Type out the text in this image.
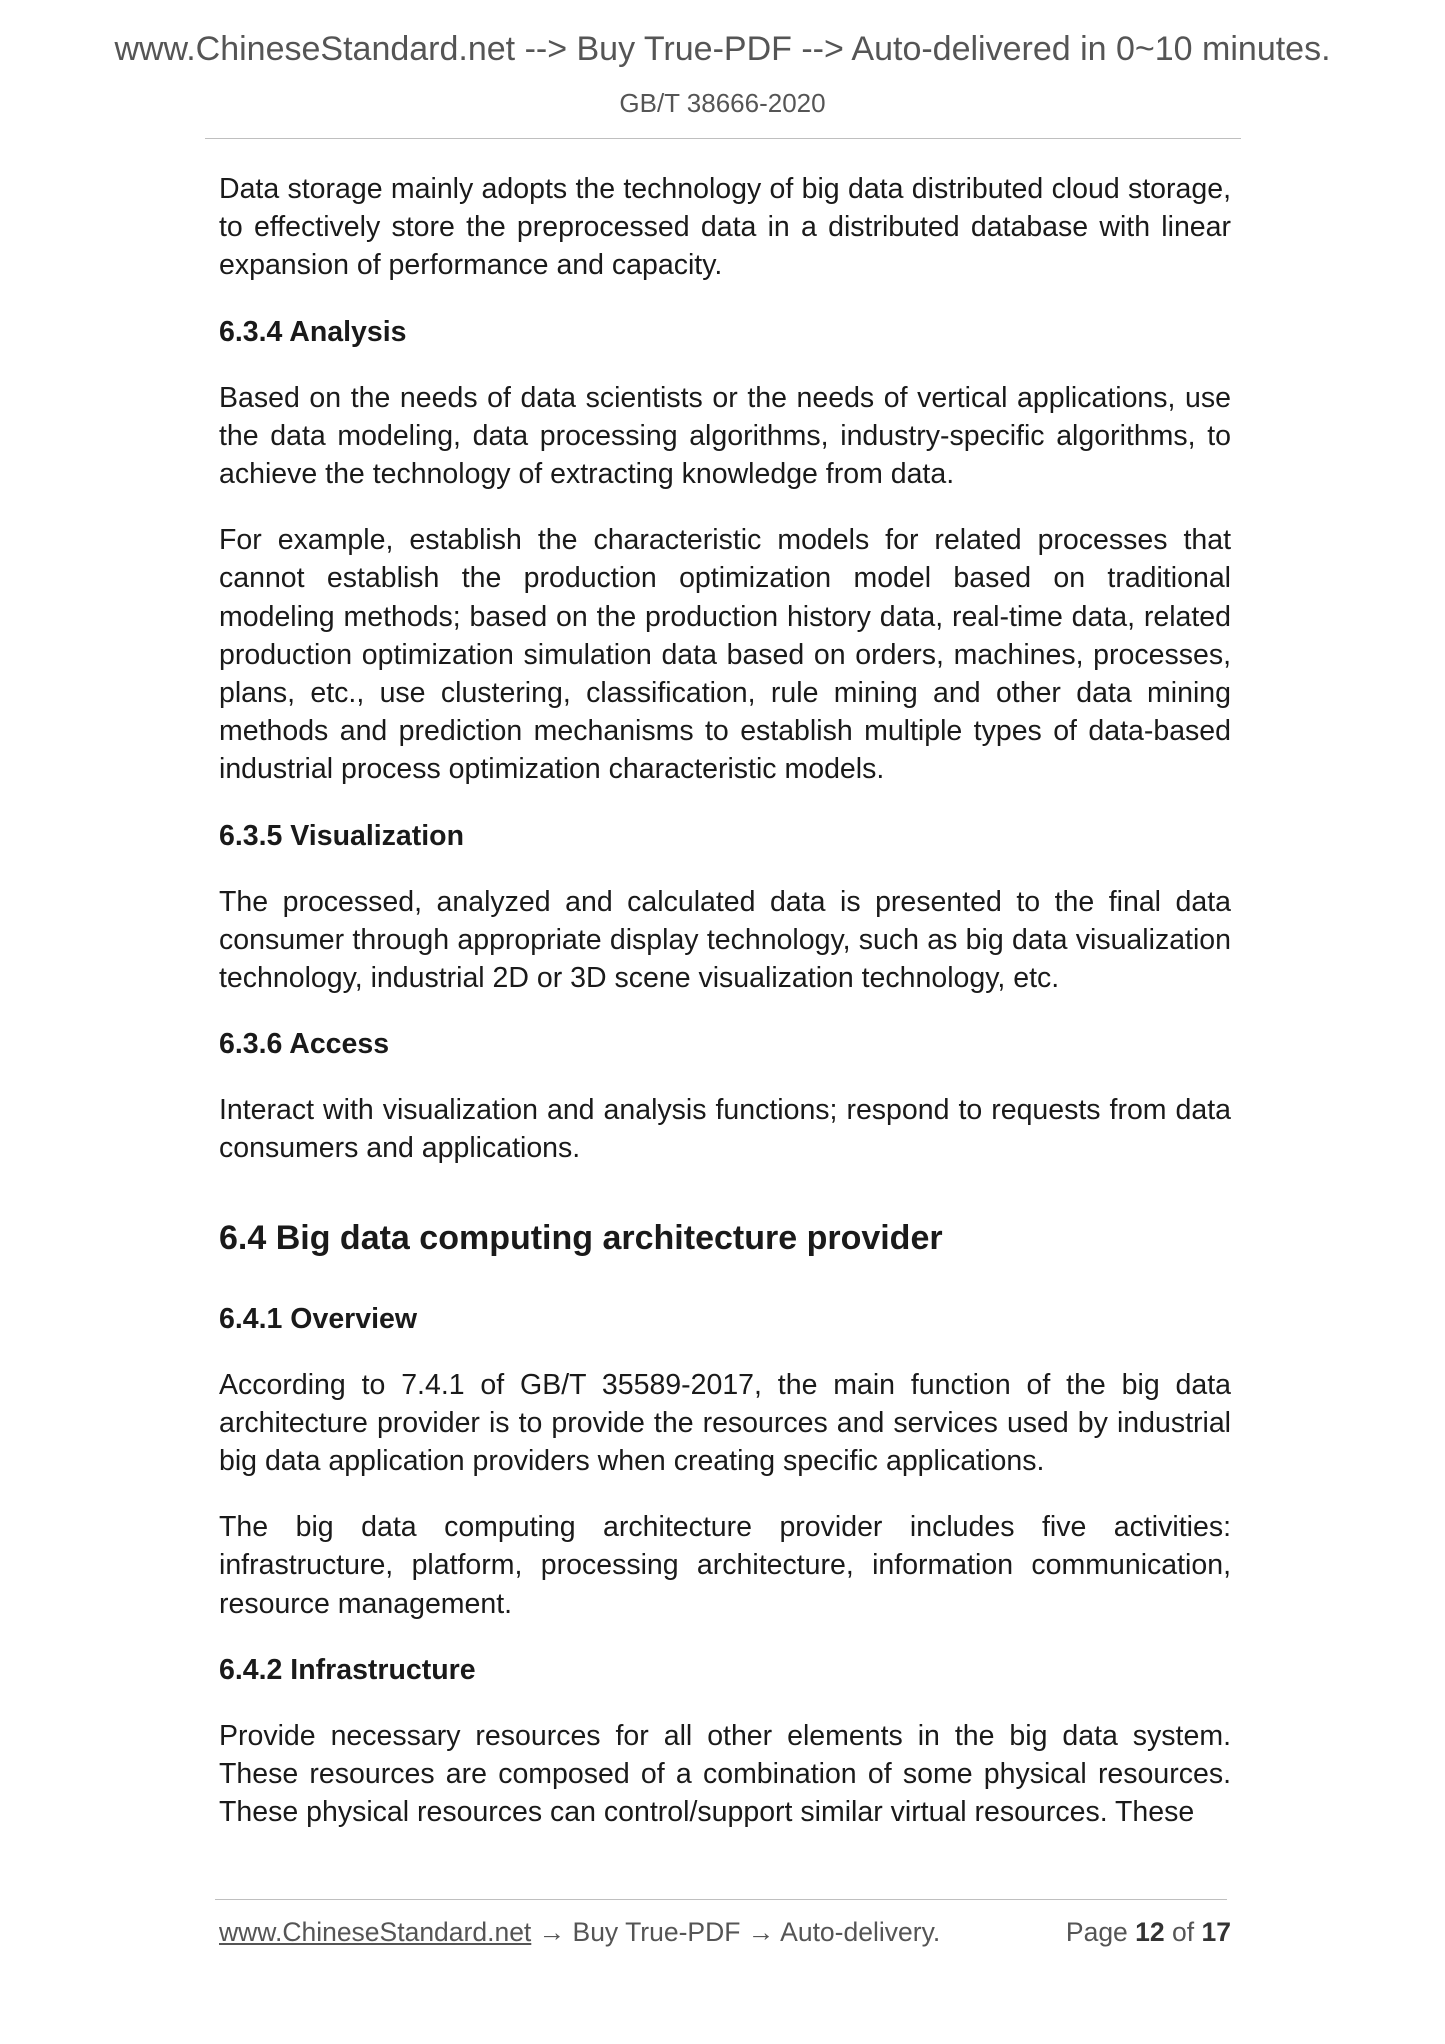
www.ChineseStandard.net --> Buy True-PDF --> Auto-delivered in 0~10 minutes.
GB/T 38666-2020

Data storage mainly adopts the technology of big data distributed cloud storage, to effectively store the preprocessed data in a distributed database with linear expansion of performance and capacity.

6.3.4 Analysis

Based on the needs of data scientists or the needs of vertical applications, use the data modeling, data processing algorithms, industry-specific algorithms, to achieve the technology of extracting knowledge from data.

For example, establish the characteristic models for related processes that cannot establish the production optimization model based on traditional modeling methods; based on the production history data, real-time data, related production optimization simulation data based on orders, machines, processes, plans, etc., use clustering, classification, rule mining and other data mining methods and prediction mechanisms to establish multiple types of data-based industrial process optimization characteristic models.

6.3.5 Visualization

The processed, analyzed and calculated data is presented to the final data consumer through appropriate display technology, such as big data visualization technology, industrial 2D or 3D scene visualization technology, etc.

6.3.6 Access

Interact with visualization and analysis functions; respond to requests from data consumers and applications.

6.4 Big data computing architecture provider
6.4.1 Overview

According to 7.4.1 of GB/T 35589-2017, the main function of the big data architecture provider is to provide the resources and services used by industrial big data application providers when creating specific applications.

The big data computing architecture provider includes five activities: infrastructure, platform, processing architecture, information communication, resource management.

6.4.2 Infrastructure

Provide necessary resources for all other elements in the big data system. These resources are composed of a combination of some physical resources. These physical resources can control/support similar virtual resources. These

www.ChineseStandard.net → Buy True-PDF → Auto-delivery.	Page 12 of 17
